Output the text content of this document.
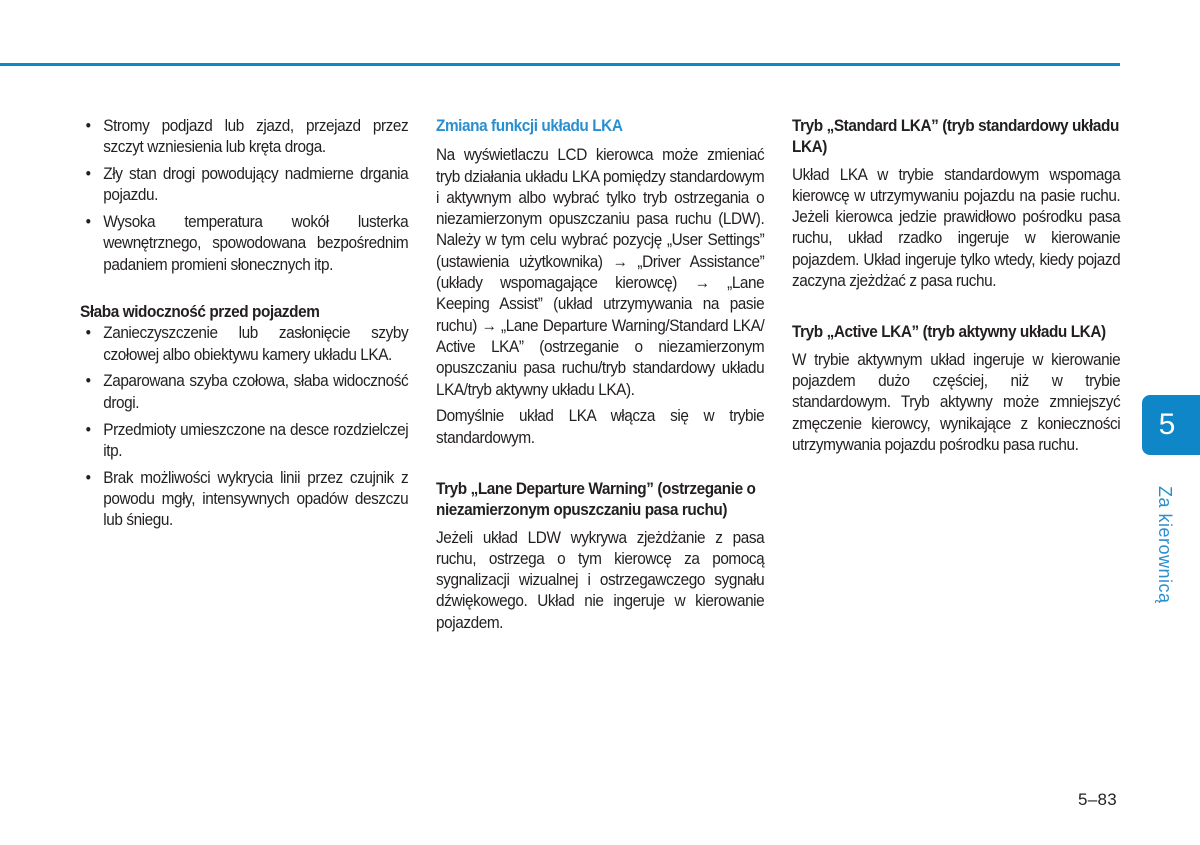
• Stromy podjazd lub zjazd, przejazd przez szczyt wzniesienia lub kręta droga.
• Zły stan drogi powodujący nadmierne drgania pojazdu.
• Wysoka temperatura wokół lusterka wewnętrznego, spowodowana bezpośrednim padaniem promieni słonecznych itp.
Słaba widoczność przed pojazdem
• Zanieczyszczenie lub zasłonięcie szyby czołowej albo obiektywu kamery układu LKA.
• Zaparowana szyba czołowa, słaba widoczność drogi.
• Przedmioty umieszczone na desce rozdzielczej itp.
• Brak możliwości wykrycia linii przez czujnik z powodu mgły, intensywnych opadów deszczu lub śniegu.
Zmiana funkcji układu LKA

Na wyświetlaczu LCD kierowca może zmieniać tryb działania układu LKA pomiędzy standardowym i aktywnym albo wybrać tylko tryb ostrzegania o niezamierzonym opuszczaniu pasa ruchu (LDW). Należy w tym celu wybrać pozycję „User Settings” (ustawienia użytkownika) → „Driver Assistance” (układy wspomagające kierowcę) → „Lane Keeping Assist” (układ utrzymywania na pasie ruchu) → „Lane Departure Warning/Standard LKA/ Active LKA” (ostrzeganie o niezamierzonym opuszczaniu pasa ruchu/tryb standardowy układu LKA/tryb aktywny układu LKA).

Domyślnie układ LKA włącza się w trybie standardowym.

Tryb „Lane Departure Warning” (ostrzeganie o niezamierzonym opuszczaniu pasa ruchu)

Jeżeli układ LDW wykrywa zjeżdżanie z pasa ruchu, ostrzega o tym kierowcę za pomocą sygnalizacji wizualnej i ostrzegawczego sygnału dźwiękowego. Układ nie ingeruje w kierowanie pojazdem.

Tryb „Standard LKA” (tryb standardowy układu LKA)

Układ LKA w trybie standardowym wspomaga kierowcę w utrzymywaniu pojazdu na pasie ruchu. Jeżeli kierowca jedzie prawidłowo pośrodku pasa ruchu, układ rzadko ingeruje w kierowanie pojazdem. Układ ingeruje tylko wtedy, kiedy pojazd zaczyna zjeżdżać z pasa ruchu.

Tryb „Active LKA” (tryb aktywny układu LKA)

W trybie aktywnym układ ingeruje w kierowanie pojazdem dużo częściej, niż w trybie standardowym. Tryb aktywny może zmniejszyć zmęczenie kierowcy, wynikające z konieczności utrzymywania pojazdu pośrodku pasa ruchu.

5
Za kierownicą
5–83
